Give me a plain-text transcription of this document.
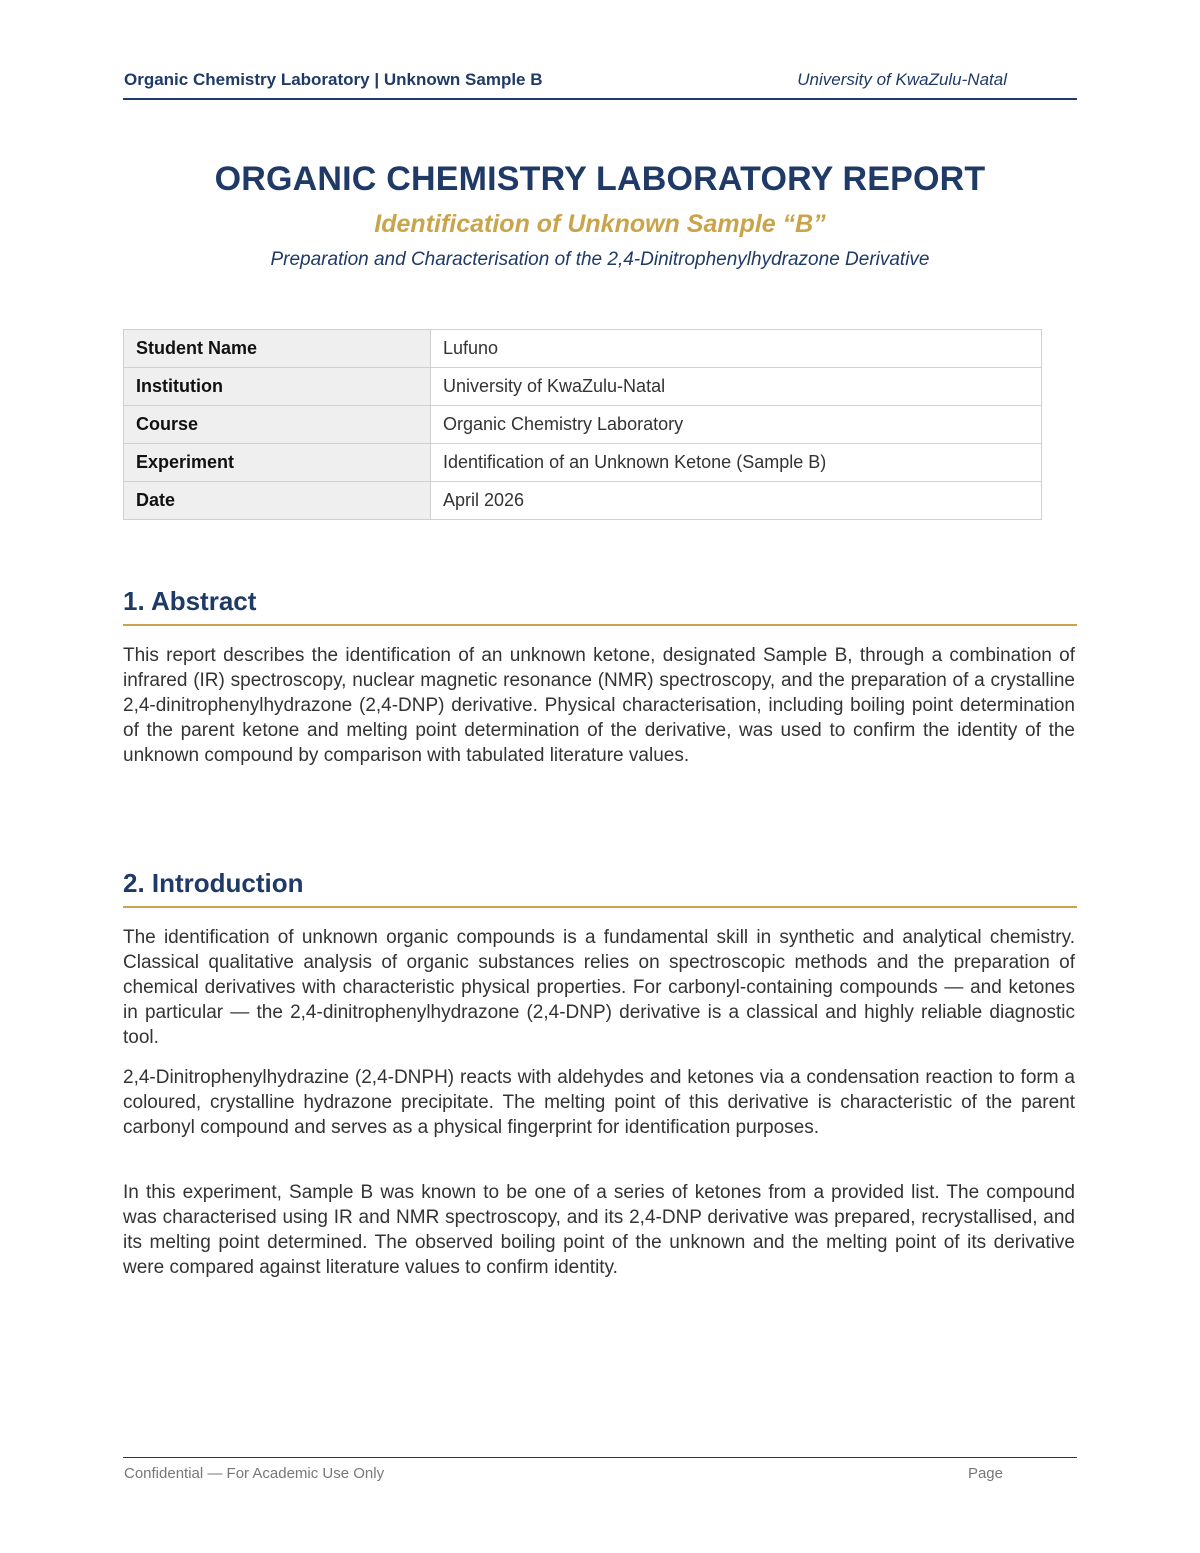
Organic Chemistry Laboratory | Unknown Sample B	University of KwaZulu-Natal
ORGANIC CHEMISTRY LABORATORY REPORT
Identification of Unknown Sample “B”
Preparation and Characterisation of the 2,4-Dinitrophenylhydrazone Derivative
Student Name	Lufuno
Institution	University of KwaZulu-Natal
Course	Organic Chemistry Laboratory
Experiment	Identification of an Unknown Ketone (Sample B)
Date	April 2026
1. Abstract

This report describes the identification of an unknown ketone, designated Sample B, through a combination of infrared (IR) spectroscopy, nuclear magnetic resonance (NMR) spectroscopy, and the preparation of a crystalline 2,4-dinitrophenylhydrazone (2,4-DNP) derivative. Physical characterisation, including boiling point determination of the parent ketone and melting point determination of the derivative, was used to confirm the identity of the unknown compound by comparison with tabulated literature values.

2. Introduction

The identification of unknown organic compounds is a fundamental skill in synthetic and analytical chemistry. Classical qualitative analysis of organic substances relies on spectroscopic methods and the preparation of chemical derivatives with characteristic physical properties. For carbonyl-containing compounds — and ketones in particular — the 2,4-dinitrophenylhydrazone (2,4-DNP) derivative is a classical and highly reliable diagnostic tool.

2,4-Dinitrophenylhydrazine (2,4-DNPH) reacts with aldehydes and ketones via a condensation reaction to form a coloured, crystalline hydrazone precipitate. The melting point of this derivative is characteristic of the parent carbonyl compound and serves as a physical fingerprint for identification purposes.

In this experiment, Sample B was known to be one of a series of ketones from a provided list. The compound was characterised using IR and NMR spectroscopy, and its 2,4-DNP derivative was prepared, recrystallised, and its melting point determined. The observed boiling point of the unknown and the melting point of its derivative were compared against literature values to confirm identity.

Confidential — For Academic Use Only	Page
